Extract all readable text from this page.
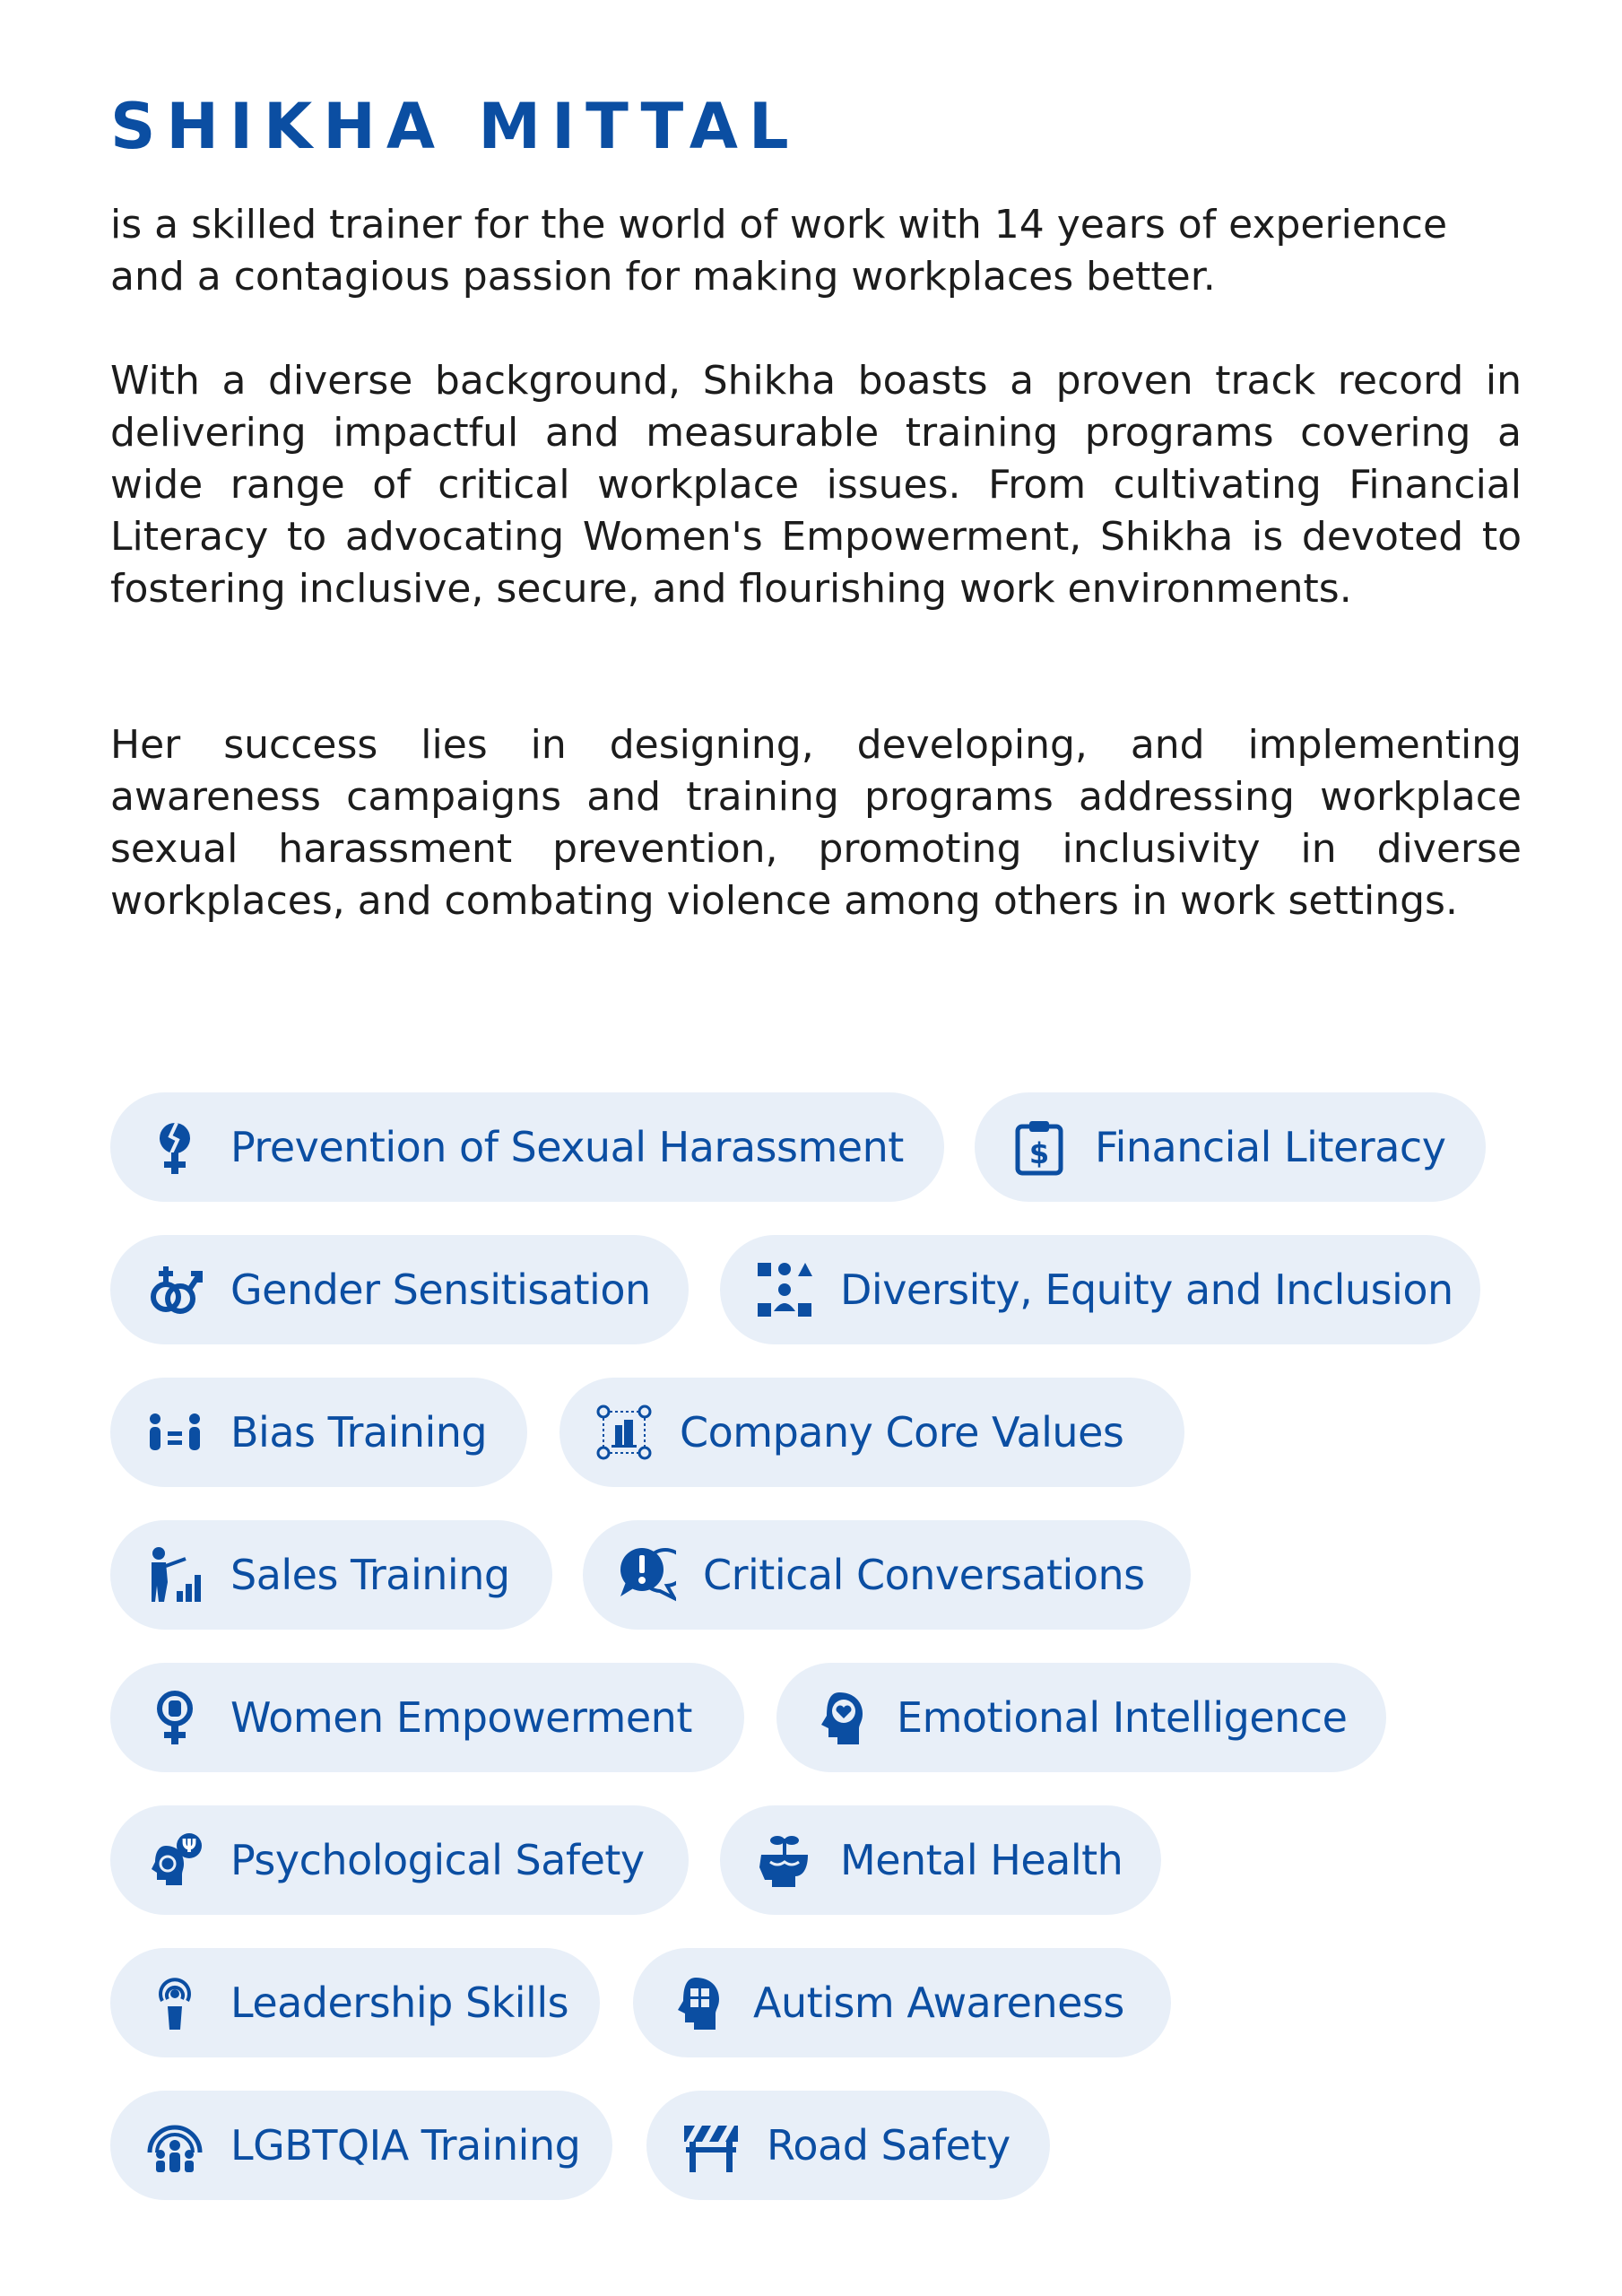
SHIKHA MITTAL

is a skilled trainer for the world of work with 14 years of experience and a contagious passion for making workplaces better.

With a diverse background, Shikha boasts a proven track record in delivering impactful and measurable training programs covering a wide range of critical workplace issues. From cultivating Financial Literacy to advocating Women's Empowerment, Shikha is devoted to fostering inclusive, secure, and flourishing work environments.

Her success lies in designing, developing, and implementing awareness campaigns and training programs addressing workplace sexual harassment prevention, promoting inclusivity in diverse workplaces, and combating violence among others in work settings.

Prevention of Sexual Harassment	$ Financial Literacy
Gender Sensitisation	Diversity, Equity and Inclusion
Bias Training	Company Core Values
Sales Training	Critical Conversations
Women Empowerment	Emotional Intelligence
Ψ Psychological Safety	Mental Health
Leadership Skills	Autism Awareness
LGBTQIA Training	Road Safety
